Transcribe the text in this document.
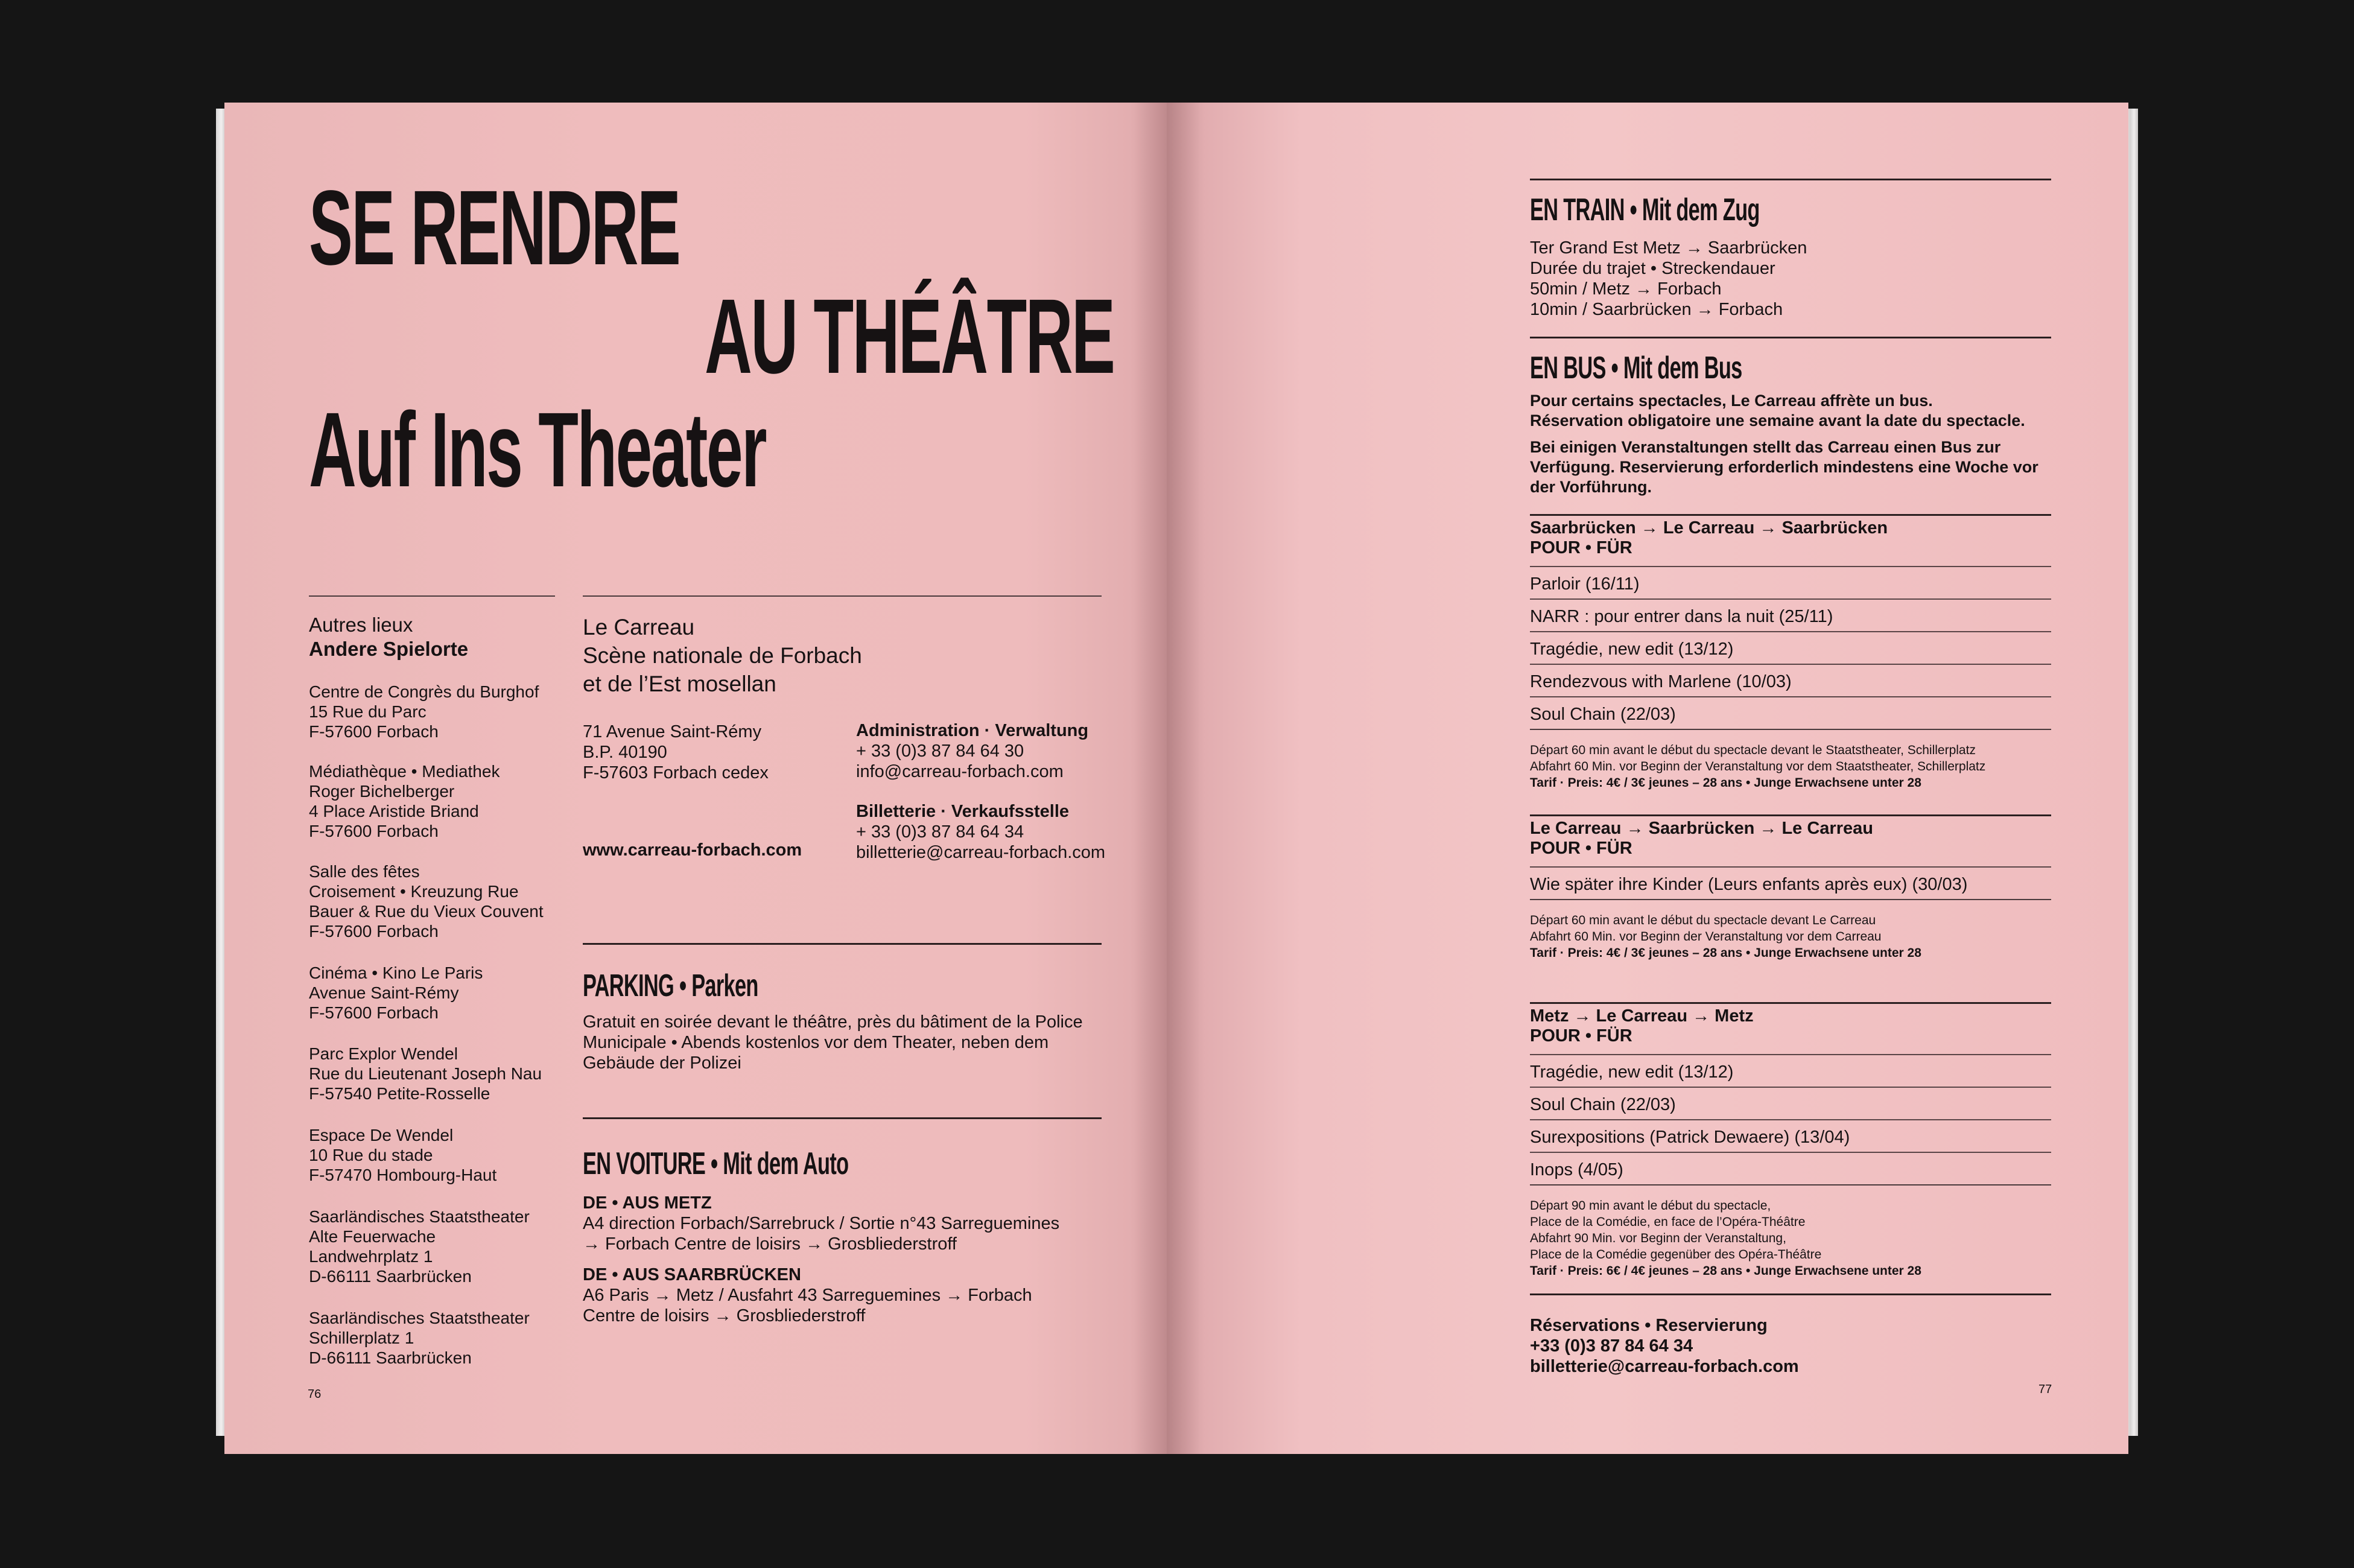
SE RENDRE
AU THÉÂTRE
Auf Ins Theater
Autres lieux
Andere Spielorte
Centre de Congrès du Burghof
15 Rue du Parc
F-57600 Forbach
Médiathèque • Mediathek
Roger Bichelberger
4 Place Aristide Briand
F-57600 Forbach
Salle des fêtes
Croisement • Kreuzung Rue
Bauer & Rue du Vieux Couvent
F-57600 Forbach
Cinéma • Kino Le Paris
Avenue Saint-Rémy
F-57600 Forbach
Parc Explor Wendel
Rue du Lieutenant Joseph Nau
F-57540 Petite-Rosselle
Espace De Wendel
10 Rue du stade
F-57470 Hombourg-Haut
Saarländisches Staatstheater
Alte Feuerwache
Landwehrplatz 1
D-66111 Saarbrücken
Saarländisches Staatstheater
Schillerplatz 1
D-66111 Saarbrücken
Le Carreau
Scène nationale de Forbach
et de l’Est mosellan
71 Avenue Saint-Rémy
B.P. 40190
F-57603 Forbach cedex
www.carreau-forbach.com
Administration · Verwaltung
+ 33 (0)3 87 84 64 30
info@carreau-forbach.com
Billetterie · Verkaufsstelle
+ 33 (0)3 87 84 64 34
billetterie@carreau-forbach.com
PARKING • Parken
Gratuit en soirée devant le théâtre, près du bâtiment de la Police
Municipale • Abends kostenlos vor dem Theater, neben dem
Gebäude der Polizei
EN VOITURE • Mit dem Auto
DE • AUS METZ
A4 direction Forbach/Sarrebruck / Sortie n°43 Sarreguemines
→ Forbach Centre de loisirs → Grosbliederstroff
DE • AUS SAARBRÜCKEN
A6 Paris → Metz / Ausfahrt 43 Sarreguemines → Forbach
Centre de loisirs → Grosbliederstroff
76
EN TRAIN • Mit dem Zug
Ter Grand Est Metz → Saarbrücken
Durée du trajet • Streckendauer
50min / Metz → Forbach
10min / Saarbrücken → Forbach
EN BUS • Mit dem Bus
Pour certains spectacles, Le Carreau affrète un bus.
Réservation obligatoire une semaine avant la date du spectacle.
Bei einigen Veranstaltungen stellt das Carreau einen Bus zur
Verfügung. Reservierung erforderlich mindestens eine Woche vor
der Vorführung.
Saarbrücken → Le Carreau → Saarbrücken
POUR • FÜR
Parloir (16/11)
NARR : pour entrer dans la nuit (25/11)
Tragédie, new edit (13/12)
Rendezvous with Marlene (10/03)
Soul Chain (22/03)
Départ 60 min avant le début du spectacle devant le Staatstheater, Schillerplatz
Abfahrt 60 Min. vor Beginn der Veranstaltung vor dem Staatstheater, Schillerplatz
Tarif · Preis: 4€ / 3€ jeunes – 28 ans • Junge Erwachsene unter 28
Le Carreau → Saarbrücken → Le Carreau
POUR • FÜR
Wie später ihre Kinder (Leurs enfants après eux) (30/03)
Départ 60 min avant le début du spectacle devant Le Carreau
Abfahrt 60 Min. vor Beginn der Veranstaltung vor dem Carreau
Tarif · Preis: 4€ / 3€ jeunes – 28 ans • Junge Erwachsene unter 28
Metz → Le Carreau → Metz
POUR • FÜR
Tragédie, new edit (13/12)
Soul Chain (22/03)
Surexpositions (Patrick Dewaere) (13/04)
Inops (4/05)
Départ 90 min avant le début du spectacle,
Place de la Comédie, en face de l’Opéra-Théâtre
Abfahrt 90 Min. vor Beginn der Veranstaltung,
Place de la Comédie gegenüber des Opéra-Théâtre
Tarif · Preis: 6€ / 4€ jeunes – 28 ans • Junge Erwachsene unter 28
Réservations • Reservierung
+33 (0)3 87 84 64 34
billetterie@carreau-forbach.com
77
